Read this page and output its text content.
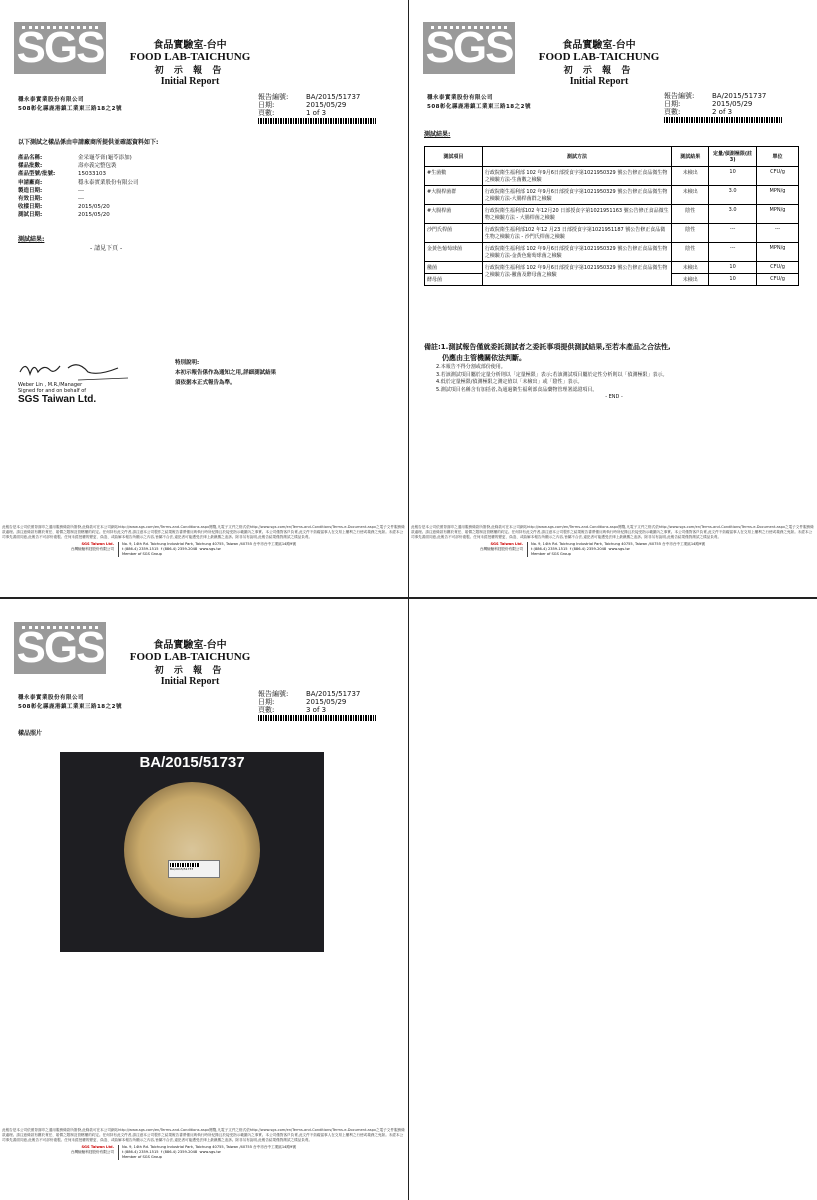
SGS	食品實驗室-台中
FOOD LAB-TAICHUNG
初 示 報 告
Initial Report
穩永泰實業股份有限公司
508彰化縣鹿港鎮工業東三路18之2號
報告編號:	BA/2015/51737
日期:	2015/05/29
頁數:	1 of 3
以下測試之樣品係由申請廠商所提供並確認資料如下:
產品名稱:	金采龜苓膏(龜苓添加)
樣品批數:	壽亦義完整包裝
產品型號/批號:	15033103
申請廠商:	穩永泰實業股份有限公司
製造日期:	---
有效日期:	---
收樣日期:	2015/05/20
測試日期:	2015/05/20
測試結果:
- 請見下頁 -
Weber Lin , M.R./Manager
Signed for and on behalf of
SGS Taiwan Ltd.
特別說明:
本初示報告係作為通知之用,詳細測試結果
須依据本正式報告為準。
此報告是本公司依照背面印之通用服務條款所簽發,此條款可在本公司網站http://www.sgs.com/en/Terms-and-Conditions.aspx閱覽,凡電子文件之格式依http://www.sgs.com/en/Terms-and-Conditions/Terms-e-Document.aspx之電子文件服務條款處理。請注意條款有關於責任、賠償之限制及管轄權的約定。任何持有此文件者,請注意本公司製作之結果報告書將僅反映執行時所紀錄且於接受指示範圍內之事實。本公司僅對客戶負責,此文件不妨礙當事人在交易上權利之行使或義務之免除。未經本公司事先書面同意,此報告不可部份複製。任何未經授權的變更、偽造、或曲解本報告所顯示之內容,皆屬不合法,違犯者可能遭受法律上最嚴厲之追訴。除非另有說明,此報告結果僅對測試之樣品負責。
SGS Taiwan Ltd.
台灣檢驗科技股份有限公司
No. 9, 14th Rd. Taichung Industrial Park, Taichung 40755, Taiwan /40755 台中市台中工業區14路9號
t (886-4) 2359-1515 f (886-4) 2359-2048 www.sgs.tw
Member of SGS Group
SGS	食品實驗室-台中
FOOD LAB-TAICHUNG
初 示 報 告
Initial Report
穩永泰實業股份有限公司
508彰化縣鹿港鎮工業東三路18之2號
報告編號:	BA/2015/51737
日期:	2015/05/29
頁數:	2 of 3
測試結果:
測試項目	測試方法	測試結果	定量/偵測極限(註3)	單位
#生菌數	行政院衛生福利部 102 年9月6日部授食字第1021950329 號公告修正食品微生物之檢驗方法-生菌數之檢驗	未檢出	10	CFU/g
#大腸桿菌群	行政院衛生福利部 102 年9月6日部授食字第1021950329 號公告修正食品微生物之檢驗方法-大腸桿菌群之檢驗	未檢出	3.0	MPN/g
#大腸桿菌	行政院衛生福利部102 年12月20 日部授食字第1021951163 號公告修正食品微生物之檢驗方法 - 大腸桿菌之檢驗	陰性	3.0	MPN/g
沙門氏桿菌	行政院衛生福利部102 年12 月23 日部授食字第1021951187 號公告修正食品微生物之檢驗方法 - 沙門氏桿菌之檢驗	陰性	---	---
金黃色葡萄球菌	行政院衛生福利部 102 年9月6日部授食字第1021950329 號公告修正食品微生物之檢驗方法-金黃色葡萄球菌之檢驗	陰性	---	MPN/g
黴菌	行政院衛生福利部 102 年9月6日部授食字第1021950329 號公告修正食品微生物之檢驗方法-黴菌及酵母菌之檢驗	未檢出	10	CFU/g
酵母菌		未檢出	10	CFU/g
備註:1.測試報告僅就委託測試者之委託事項提供測試結果,至若本產品之合法性,
仍應由主管機關依法判斷。
2.本報告不得分割或部份使用。
3.若該測試項目屬於定量分析則以「定量極限」表示;若該測試項目屬於定性分析則以「偵測極限」表示。
4.低於定量極限/偵測極限之測定值以「未檢出」或「陰性」表示。
5.測試項目名稱含有加括者,為通過衛生福利部食品藥物管理署認證項目。
- END -
此報告是本公司依照背面印之通用服務條款所簽發,此條款可在本公司網站http://www.sgs.com/en/Terms-and-Conditions.aspx閱覽,凡電子文件之格式依http://www.sgs.com/en/Terms-and-Conditions/Terms-e-Document.aspx之電子文件服務條款處理。請注意條款有關於責任、賠償之限制及管轄權的約定。任何持有此文件者,請注意本公司製作之結果報告書將僅反映執行時所紀錄且於接受指示範圍內之事實。本公司僅對客戶負責,此文件不妨礙當事人在交易上權利之行使或義務之免除。未經本公司事先書面同意,此報告不可部份複製。任何未經授權的變更、偽造、或曲解本報告所顯示之內容,皆屬不合法,違犯者可能遭受法律上最嚴厲之追訴。除非另有說明,此報告結果僅對測試之樣品負責。
SGS Taiwan Ltd.
台灣檢驗科技股份有限公司
No. 9, 14th Rd. Taichung Industrial Park, Taichung 40755, Taiwan /40755 台中市台中工業區14路9號
t (886-4) 2359-1515 f (886-4) 2359-2048 www.sgs.tw
Member of SGS Group
SGS	食品實驗室-台中
FOOD LAB-TAICHUNG
初 示 報 告
Initial Report
穩永泰實業股份有限公司
508彰化縣鹿港鎮工業東三路18之2號
報告編號:	BA/2015/51737
日期:	2015/05/29
頁數:	3 of 3
樣品照片
BA/2015/51737
BA/2015/51737
此報告是本公司依照背面印之通用服務條款所簽發,此條款可在本公司網站http://www.sgs.com/en/Terms-and-Conditions.aspx閱覽,凡電子文件之格式依http://www.sgs.com/en/Terms-and-Conditions/Terms-e-Document.aspx之電子文件服務條款處理。請注意條款有關於責任、賠償之限制及管轄權的約定。任何持有此文件者,請注意本公司製作之結果報告書將僅反映執行時所紀錄且於接受指示範圍內之事實。本公司僅對客戶負責,此文件不妨礙當事人在交易上權利之行使或義務之免除。未經本公司事先書面同意,此報告不可部份複製。任何未經授權的變更、偽造、或曲解本報告所顯示之內容,皆屬不合法,違犯者可能遭受法律上最嚴厲之追訴。除非另有說明,此報告結果僅對測試之樣品負責。
SGS Taiwan Ltd.
台灣檢驗科技股份有限公司
No. 9, 14th Rd. Taichung Industrial Park, Taichung 40755, Taiwan /40755 台中市台中工業區14路9號
t (886-4) 2359-1515 f (886-4) 2359-2048 www.sgs.tw
Member of SGS Group
